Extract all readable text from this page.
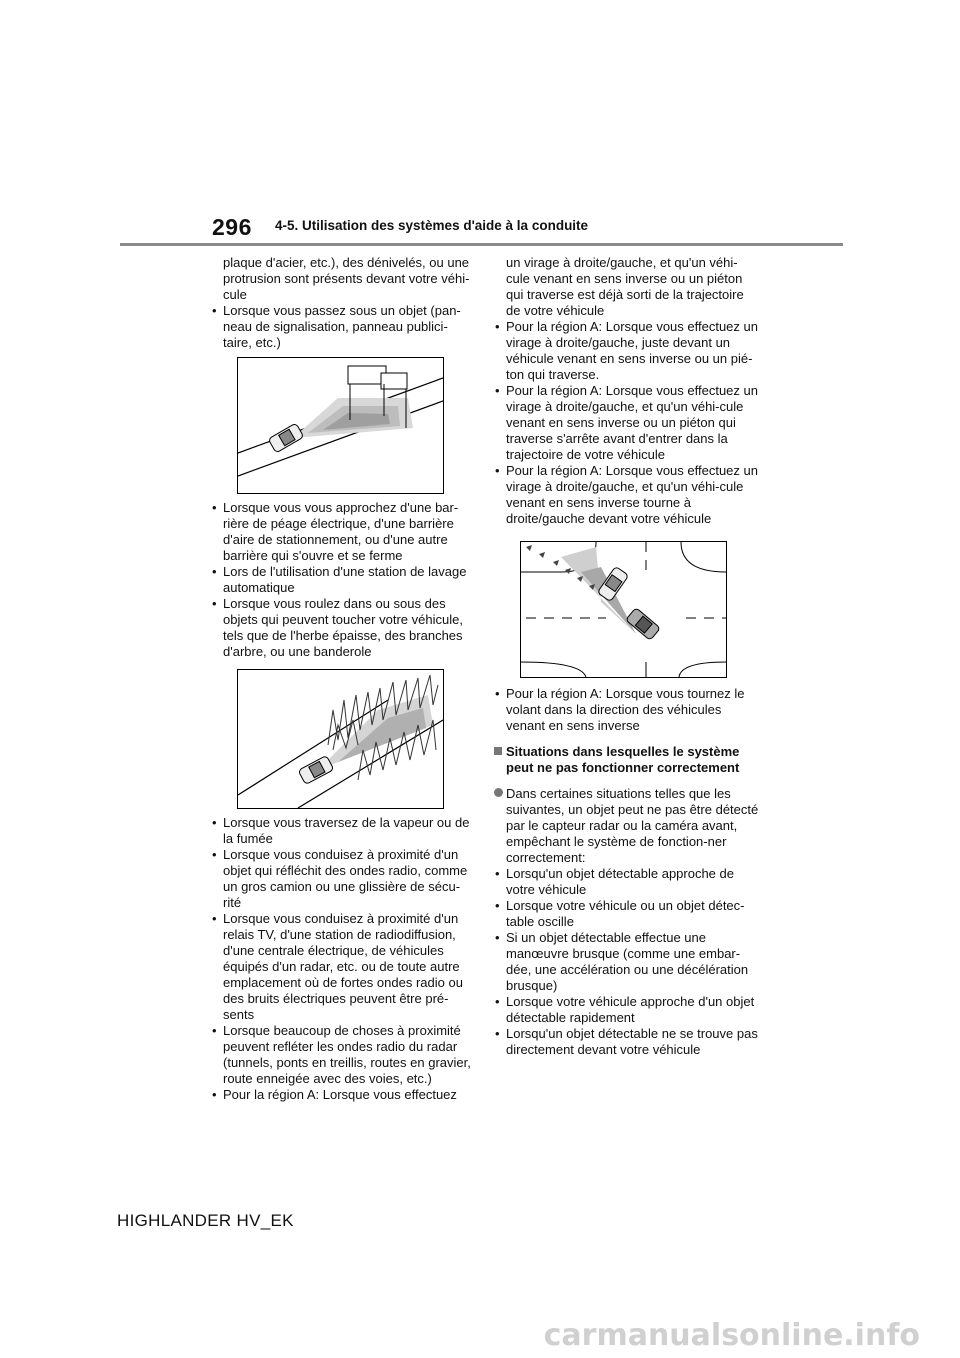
296 4-5. Utilisation des systèmes d'aide à la conduite

plaque d'acier, etc.), des dénivelés, ou une protrusion sont présents devant votre véhi-cule

• Lorsque vous passez sous un objet (pan-neau de signalisation, panneau publici-taire, etc.)

• Lorsque vous vous approchez d'une bar-rière de péage électrique, d'une barrière d'aire de stationnement, ou d'une autre barrière qui s'ouvre et se ferme

• Lors de l'utilisation d'une station de lavage automatique

• Lorsque vous roulez dans ou sous des objets qui peuvent toucher votre véhicule, tels que de l'herbe épaisse, des branches d'arbre, ou une banderole

• Lorsque vous traversez de la vapeur ou de la fumée

• Lorsque vous conduisez à proximité d'un objet qui réfléchit des ondes radio, comme un gros camion ou une glissière de sécu-rité

• Lorsque vous conduisez à proximité d'un relais TV, d'une station de radiodiffusion, d'une centrale électrique, de véhicules équipés d'un radar, etc. ou de toute autre emplacement où de fortes ondes radio ou des bruits électriques peuvent être pré-sents

• Lorsque beaucoup de choses à proximité peuvent refléter les ondes radio du radar (tunnels, ponts en treillis, routes en gravier, route enneigée avec des voies, etc.)

• Pour la région A: Lorsque vous effectuez

un virage à droite/gauche, et qu'un véhi-cule venant en sens inverse ou un piéton qui traverse est déjà sorti de la trajectoire de votre véhicule

• Pour la région A: Lorsque vous effectuez un virage à droite/gauche, juste devant un véhicule venant en sens inverse ou un pié-ton qui traverse.

• Pour la région A: Lorsque vous effectuez un virage à droite/gauche, et qu'un véhi-cule venant en sens inverse ou un piéton qui traverse s'arrête avant d'entrer dans la trajectoire de votre véhicule

• Pour la région A: Lorsque vous effectuez un virage à droite/gauche, et qu'un véhi-cule venant en sens inverse tourne à droite/gauche devant votre véhicule

• Pour la région A: Lorsque vous tournez le volant dans la direction des véhicules venant en sens inverse

Situations dans lesquelles le système peut ne pas fonctionner correctement

Dans certaines situations telles que les suivantes, un objet peut ne pas être détecté par le capteur radar ou la caméra avant, empêchant le système de fonction-ner correctement:

• Lorsqu'un objet détectable approche de votre véhicule

• Lorsque votre véhicule ou un objet détec-table oscille

• Si un objet détectable effectue une manœuvre brusque (comme une embar-dée, une accélération ou une décélération brusque)

• Lorsque votre véhicule approche d'un objet détectable rapidement

• Lorsqu'un objet détectable ne se trouve pas directement devant votre véhicule

HIGHLANDER HV_EK
carmanualsonline.info
